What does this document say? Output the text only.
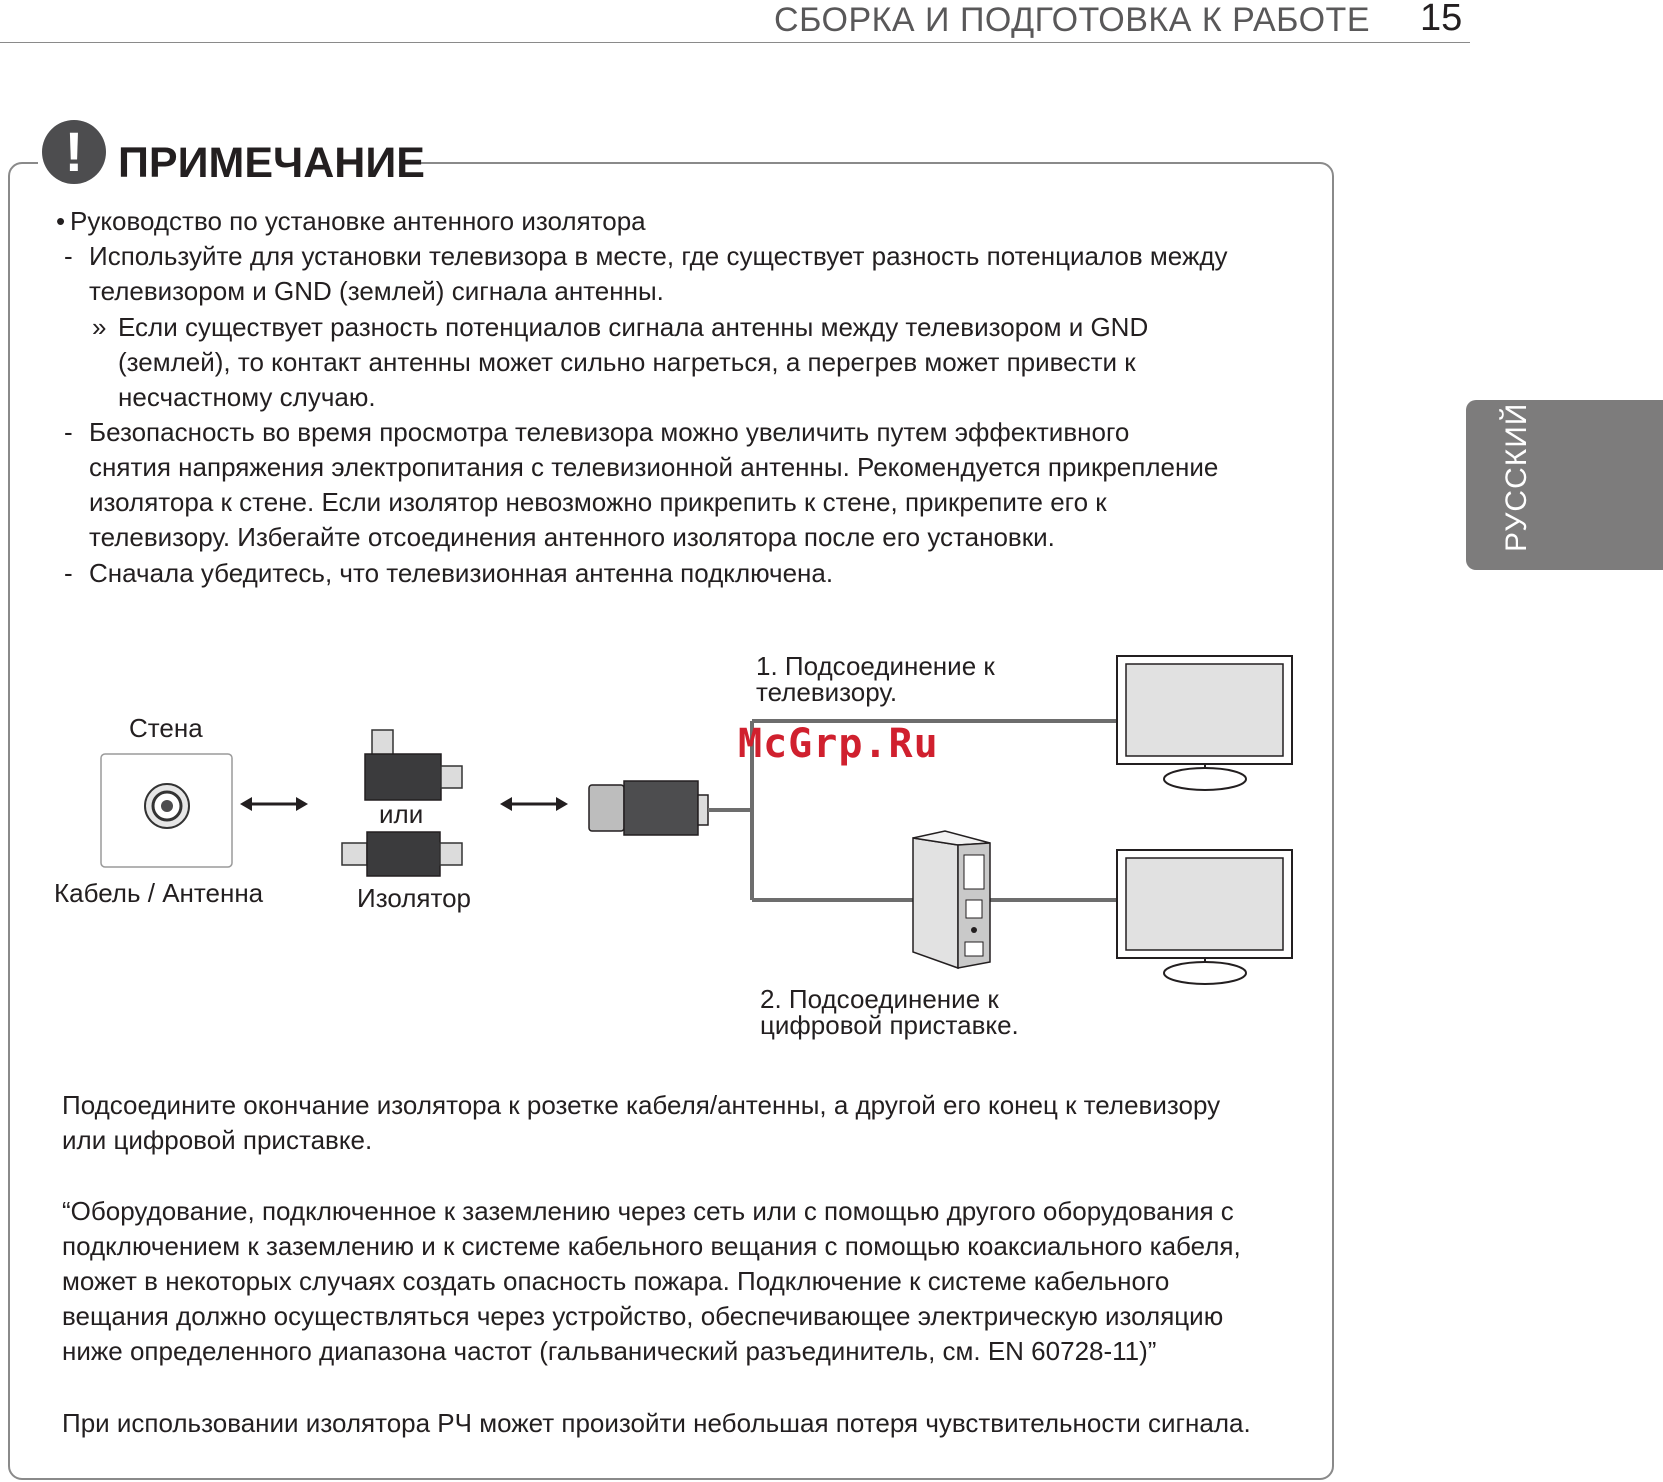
СБОРКА И ПОДГОТОВКА К РАБОТЕ 15
РУССКИЙ
! ПРИМЕЧАНИЕ
• Руководство по установке антенного изолятора
- Используйте для установки телевизора в месте, где существует разность потенциалов между
телевизором и GND (землей) сигнала антенны.
» Если существует разность потенциалов сигнала антенны между телевизором и GND
(землей), то контакт антенны может сильно нагреться, а перегрев может привести к
несчастному случаю.
- Безопасность во время просмотра телевизора можно увеличить путем эффективного
снятия напряжения электропитания с телевизионной антенны. Рекомендуется прикрепление
изолятора к стене. Если изолятор невозможно прикрепить к стене, прикрепите его к
телевизору. Избегайте отсоединения антенного изолятора после его установки.
- Сначала убедитесь, что телевизионная антенна подключена.
Стена
Кабель / Антенна
или
Изолятор
1. Подсоединение к
телевизору.
2. Подсоединение к
цифровой приставке.
McGrp.Ru
Подсоедините окончание изолятора к розетке кабеля/антенны, а другой его конец к телевизору
или цифровой приставке.
“Оборудование, подключенное к заземлению через сеть или с помощью другого оборудования с
подключением к заземлению и к системе кабельного вещания с помощью коаксиального кабеля,
может в некоторых случаях создать опасность пожара. Подключение к системе кабельного
вещания должно осуществляться через устройство, обеспечивающее электрическую изоляцию
ниже определенного диапазона частот (гальванический разъединитель, см. EN 60728-11)”
При использовании изолятора РЧ может произойти небольшая потеря чувствительности сигнала.
